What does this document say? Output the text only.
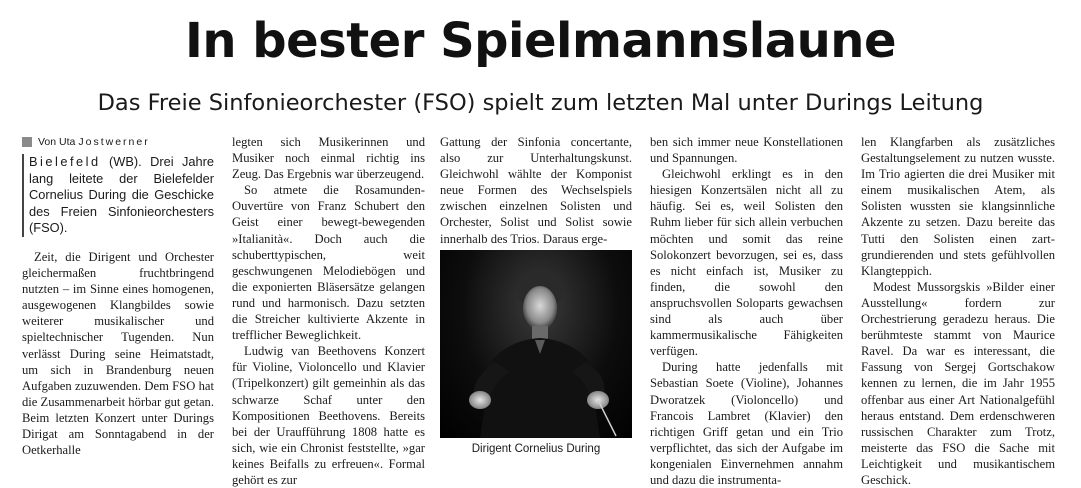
In bester Spielmannslaune
Das Freie Sinfonieorchester (FSO) spielt zum letzten Mal unter Durings Leitung
Von Uta Jostwerner
Bielefeld (WB). Drei Jahre lang leitete der Bielefelder Cornelius During die Geschicke des Freien Sinfonieorchesters (FSO).

Zeit, die Dirigent und Orchester gleichermaßen fruchtbringend nutzten – im Sinne eines homogenen, ausgewogenen Klangbildes sowie weiterer musikalischer und spieltechnischer Tugenden. Nun verlässt During seine Heimatstadt, um sich in Brandenburg neuen Aufgaben zuzuwenden. Dem FSO hat die Zusammenarbeit hörbar gut getan. Beim letzten Konzert unter Durings Dirigat am Sonntagabend in der Oetkerhalle

legten sich Musikerinnen und Musiker noch einmal richtig ins Zeug. Das Ergebnis war überzeugend.

So atmete die Rosamunden-Ouvertüre von Franz Schubert den Geist einer bewegt-bewegenden »Italianità«. Doch auch die schuberttypischen, weit geschwungenen Melodiebögen und die exponierten Bläsersätze gelangen rund und harmonisch. Dazu setzten die Streicher kultivierte Akzente in trefflicher Beweglichkeit.

Ludwig van Beethovens Konzert für Violine, Violoncello und Klavier (Tripelkonzert) gilt gemeinhin als das schwarze Schaf unter den Kompositionen Beethovens. Bereits bei der Uraufführung 1808 hatte es sich, wie ein Chronist feststellte, »gar keines Beifalls zu erfreuen«. Formal gehört es zur

Gattung der Sinfonia concertante, also zur Unterhaltungskunst. Gleichwohl wählte der Komponist neue Formen des Wechselspiels zwischen einzelnen Solisten und Orchester, Solist und Solist sowie innerhalb des Trios. Daraus erge-

Dirigent Cornelius During

ben sich immer neue Konstellationen und Spannungen.

Gleichwohl erklingt es in den hiesigen Konzertsälen nicht all zu häufig. Sei es, weil Solisten den Ruhm lieber für sich allein verbuchen möchten und somit das reine Solokonzert bevorzugen, sei es, dass es nicht einfach ist, Musiker zu finden, die sowohl den anspruchsvollen Soloparts gewachsen sind als auch über kammermusikalische Fähigkeiten verfügen.

During hatte jedenfalls mit Sebastian Soete (Violine), Johannes Dworatzek (Violoncello) und Francois Lambret (Klavier) den richtigen Griff getan und ein Trio verpflichtet, das sich der Aufgabe im kongenialen Einvernehmen annahm und dazu die instrumenta-

len Klangfarben als zusätzliches Gestaltungselement zu nutzen wusste. Im Trio agierten die drei Musiker mit einem musikalischen Atem, als Solisten wussten sie klangsinnliche Akzente zu setzen. Dazu bereite das Tutti den Solisten einen zart-grundierenden und stets gefühlvollen Klangteppich.

Modest Mussorgskis »Bilder einer Ausstellung« fordern zur Orchestrierung geradezu heraus. Die berühmteste stammt von Maurice Ravel. Da war es interessant, die Fassung von Sergej Gortschakow kennen zu lernen, die im Jahr 1955 offenbar aus einer Art Nationalgefühl heraus entstand. Dem erdenschweren russischen Charakter zum Trotz, meisterte das FSO die Sache mit Leichtigkeit und musikantischem Geschick.
